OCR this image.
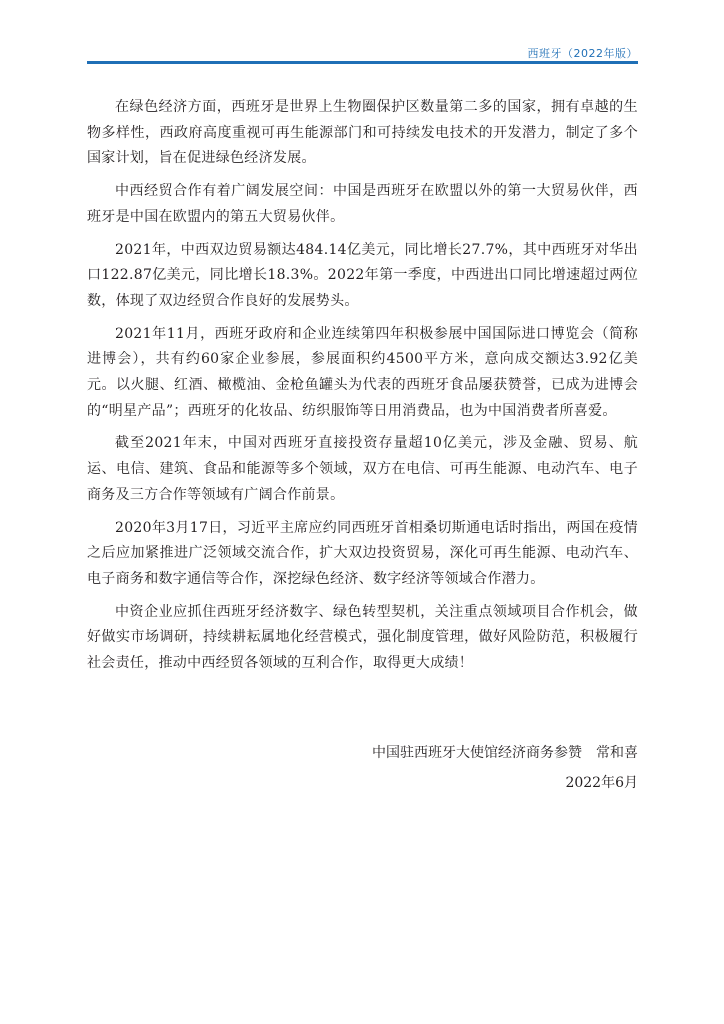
西班牙（2022年版）

在绿色经济方面，西班牙是世界上生物圈保护区数量第二多的国家，拥有卓越的生物多样性，西政府高度重视可再生能源部门和可持续发电技术的开发潜力，制定了多个国家计划，旨在促进绿色经济发展。

中西经贸合作有着广阔发展空间：中国是西班牙在欧盟以外的第一大贸易伙伴，西班牙是中国在欧盟内的第五大贸易伙伴。

2021年，中西双边贸易额达484.14亿美元，同比增长27.7%，其中西班牙对华出口122.87亿美元，同比增长18.3%。2022年第一季度，中西进出口同比增速超过两位数，体现了双边经贸合作良好的发展势头。

2021年11月，西班牙政府和企业连续第四年积极参展中国国际进口博览会（简称进博会），共有约60家企业参展，参展面积约4500平方米，意向成交额达3.92亿美元。以火腿、红酒、橄榄油、金枪鱼罐头为代表的西班牙食品屡获赞誉，已成为进博会的“明星产品”；西班牙的化妆品、纺织服饰等日用消费品，也为中国消费者所喜爱。

截至2021年末，中国对西班牙直接投资存量超10亿美元，涉及金融、贸易、航运、电信、建筑、食品和能源等多个领域，双方在电信、可再生能源、电动汽车、电子商务及三方合作等领域有广阔合作前景。

2020年3月17日，习近平主席应约同西班牙首相桑切斯通电话时指出，两国在疫情之后应加紧推进广泛领域交流合作，扩大双边投资贸易，深化可再生能源、电动汽车、电子商务和数字通信等合作，深挖绿色经济、数字经济等领域合作潜力。

中资企业应抓住西班牙经济数字、绿色转型契机，关注重点领域项目合作机会，做好做实市场调研，持续耕耘属地化经营模式，强化制度管理，做好风险防范，积极履行社会责任，推动中西经贸各领域的互利合作，取得更大成绩！

中国驻西班牙大使馆经济商务参赞　常和喜
2022年6月
